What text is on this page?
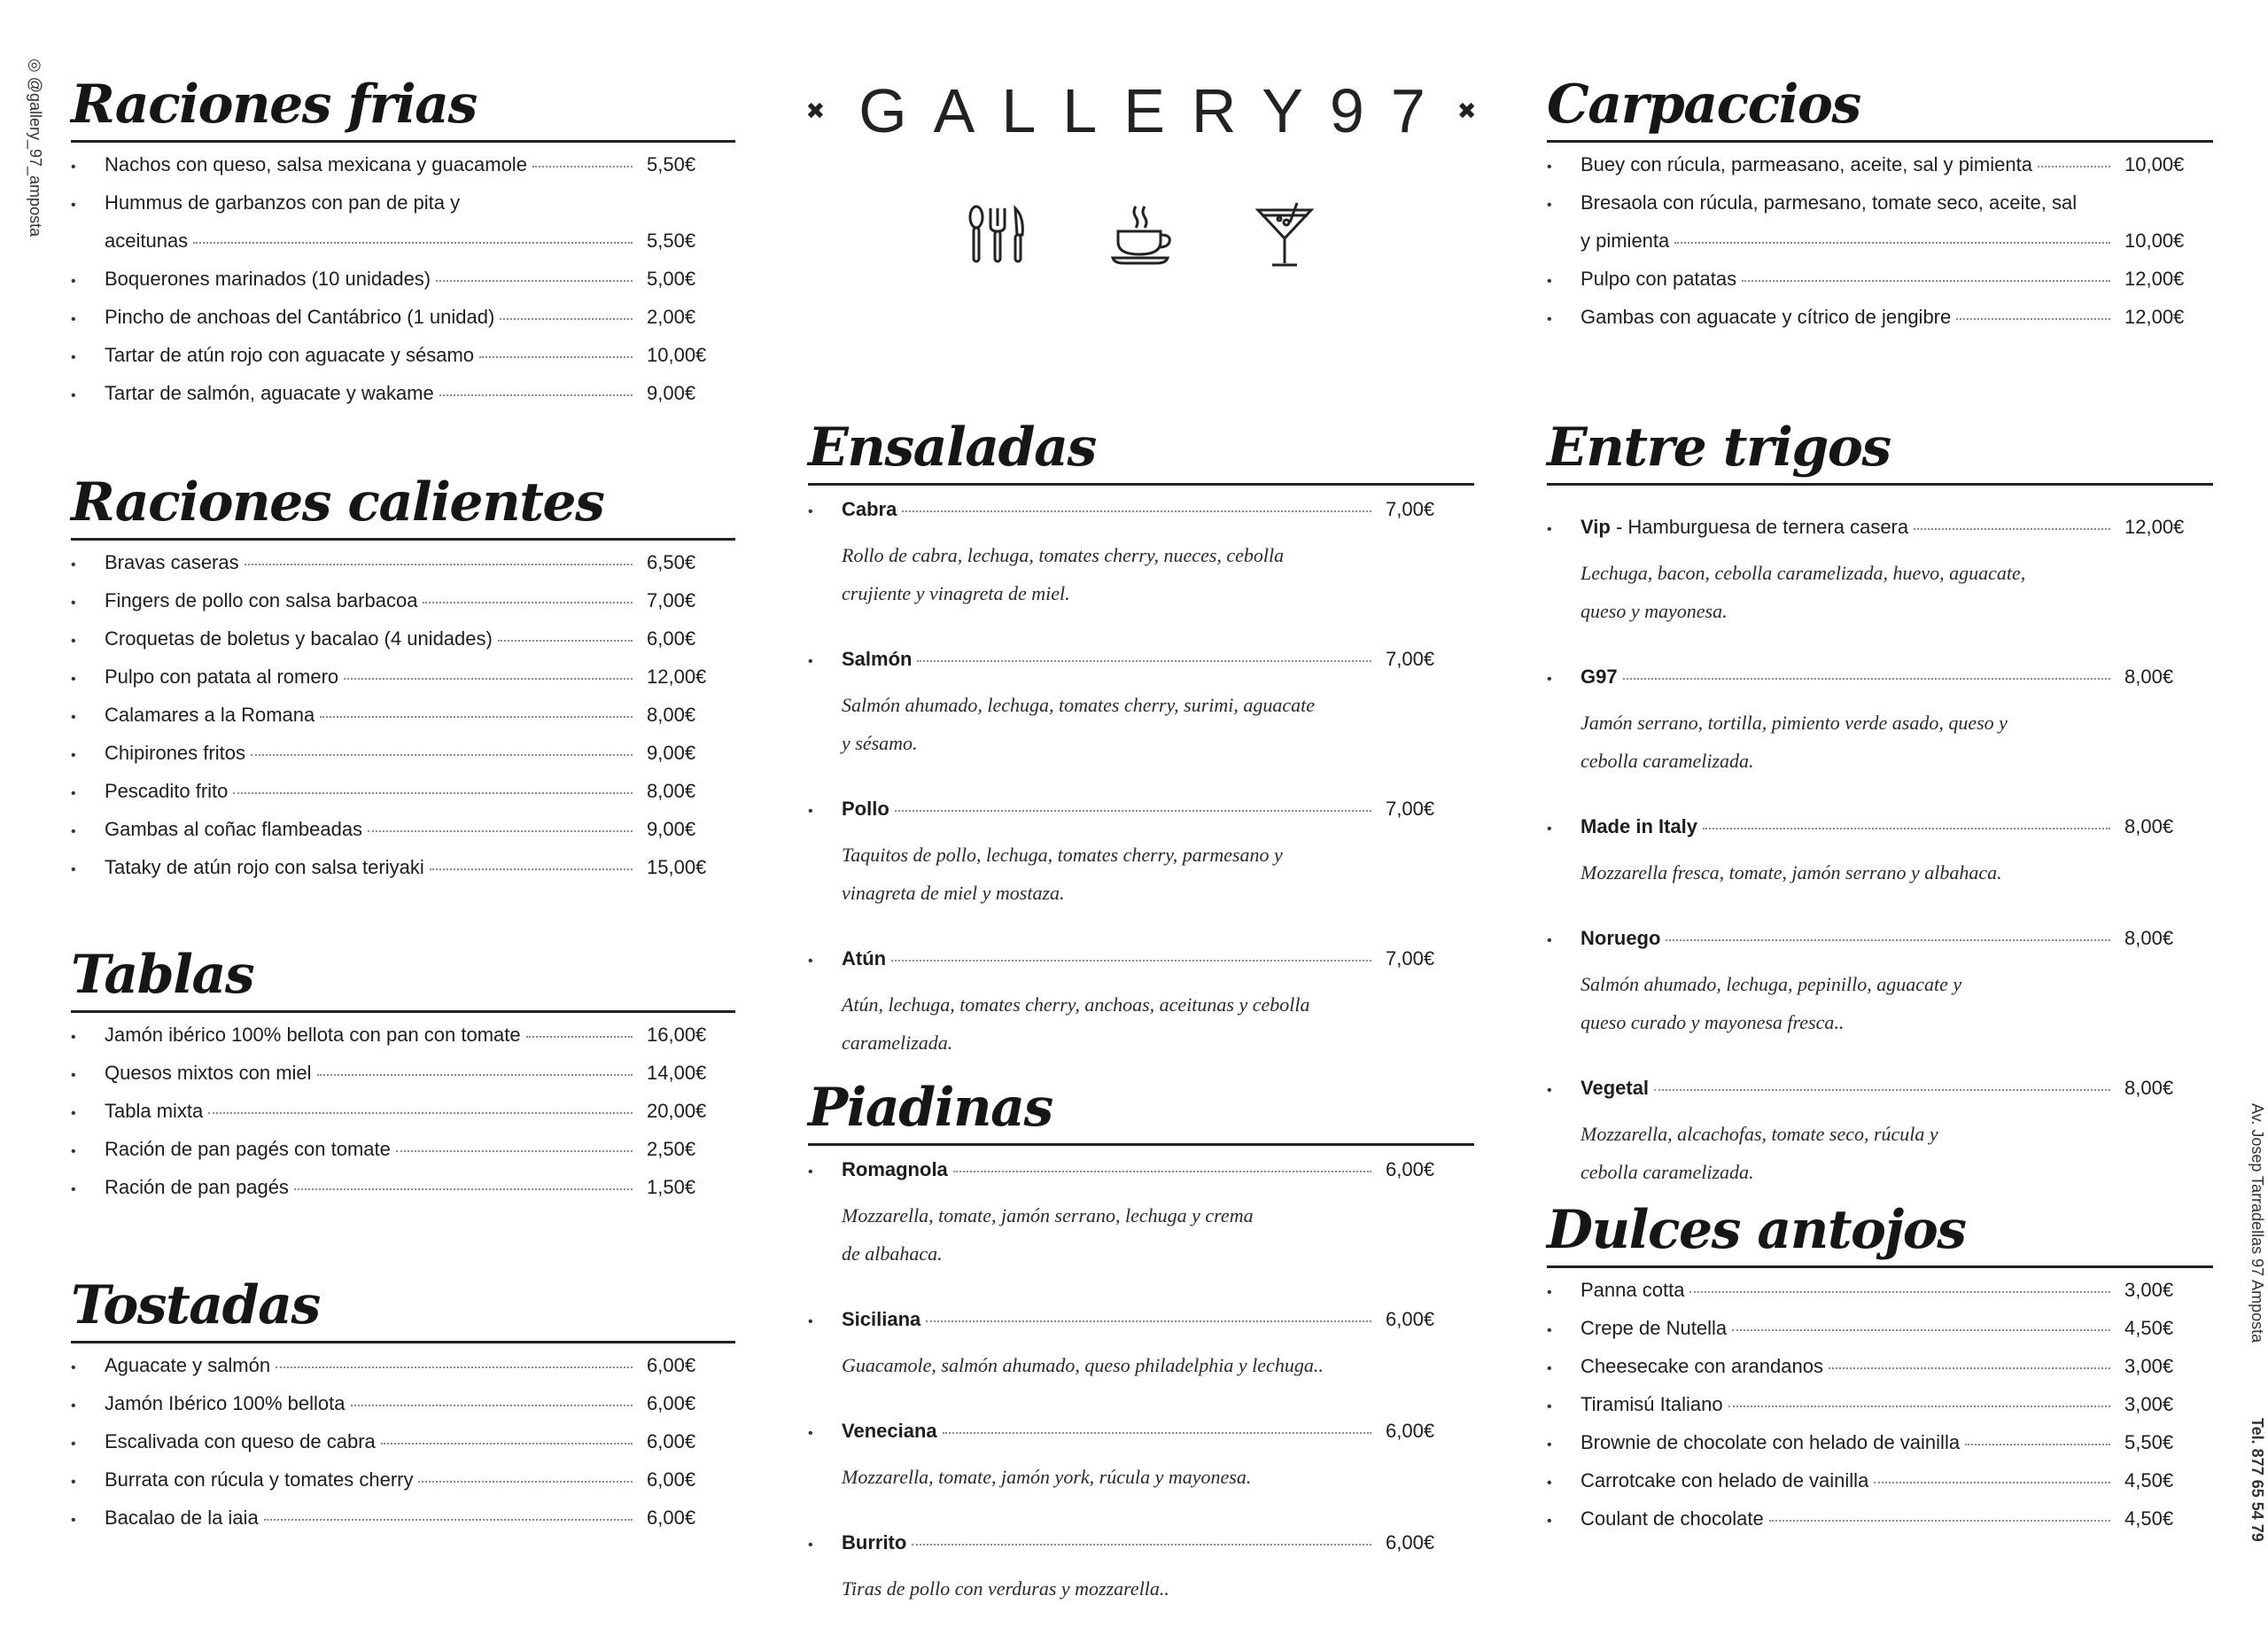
◎ @gallery_97_amposta
Av. Josep Tarradellas 97 Amposta
Tel. 877 65 54 79
✖ GALLERY97 ✖
Raciones frias
•	Nachos con queso, salsa mexicana y guacamole	5,50€
•	Hummus de garbanzos con pan de pita y
aceitunas	5,50€
•	Boquerones marinados (10 unidades)	5,00€
•	Pincho de anchoas del Cantábrico (1 unidad)	2,00€
•	Tartar de atún rojo con aguacate y sésamo	10,00€
•	Tartar de salmón, aguacate y wakame	9,00€
Raciones calientes
•	Bravas caseras	6,50€
•	Fingers de pollo con salsa barbacoa	7,00€
•	Croquetas de boletus y bacalao (4 unidades)	6,00€
•	Pulpo con patata al romero	12,00€
•	Calamares a la Romana	8,00€
•	Chipirones fritos	9,00€
•	Pescadito frito	8,00€
•	Gambas al coñac flambeadas	9,00€
•	Tataky de atún rojo con salsa teriyaki	15,00€
Tablas
•	Jamón ibérico 100% bellota con pan con tomate	16,00€
•	Quesos mixtos con miel	14,00€
•	Tabla mixta	20,00€
•	Ración de pan pagés con tomate	2,50€
•	Ración de pan pagés	1,50€
Tostadas
•	Aguacate y salmón	6,00€
•	Jamón Ibérico 100% bellota	6,00€
•	Escalivada con queso de cabra	6,00€
•	Burrata con rúcula y tomates cherry	6,00€
•	Bacalao de la iaia	6,00€
Ensaladas
•	Cabra	7,00€
Rollo de cabra, lechuga, tomates cherry, nueces, cebolla
crujiente y vinagreta de miel.
•	Salmón	7,00€
Salmón ahumado, lechuga, tomates cherry, surimi, aguacate
y sésamo.
•	Pollo	7,00€
Taquitos de pollo, lechuga, tomates cherry, parmesano y
vinagreta de miel y mostaza.
•	Atún	7,00€
Atún, lechuga, tomates cherry, anchoas, aceitunas y cebolla
caramelizada.
Piadinas
•	Romagnola	6,00€
Mozzarella, tomate, jamón serrano, lechuga y crema
de albahaca.
•	Siciliana	6,00€
Guacamole, salmón ahumado, queso philadelphia y lechuga..
•	Veneciana	6,00€
Mozzarella, tomate, jamón york, rúcula y mayonesa.
•	Burrito	6,00€
Tiras de pollo con verduras y mozzarella..
Carpaccios
•	Buey con rúcula, parmeasano, aceite, sal y pimienta	10,00€
•	Bresaola con rúcula, parmesano, tomate seco, aceite, sal
y pimienta	10,00€
•	Pulpo con patatas	12,00€
•	Gambas con aguacate y cítrico de jengibre	12,00€
Entre trigos
•	Vip - Hamburguesa de ternera casera	12,00€
Lechuga, bacon, cebolla caramelizada, huevo, aguacate,
queso y mayonesa.
•	G97	8,00€
Jamón serrano, tortilla, pimiento verde asado, queso y
cebolla caramelizada.
•	Made in Italy	8,00€
Mozzarella fresca, tomate, jamón serrano y albahaca.
•	Noruego	8,00€
Salmón ahumado, lechuga, pepinillo, aguacate y
queso curado y mayonesa fresca..
•	Vegetal	8,00€
Mozzarella, alcachofas, tomate seco, rúcula y
cebolla caramelizada.
Dulces antojos
•	Panna cotta	3,00€
•	Crepe de Nutella	4,50€
•	Cheesecake con arandanos	3,00€
•	Tiramisú Italiano	3,00€
•	Brownie de chocolate con helado de vainilla	5,50€
•	Carrotcake con helado de vainilla	4,50€
•	Coulant de chocolate	4,50€
